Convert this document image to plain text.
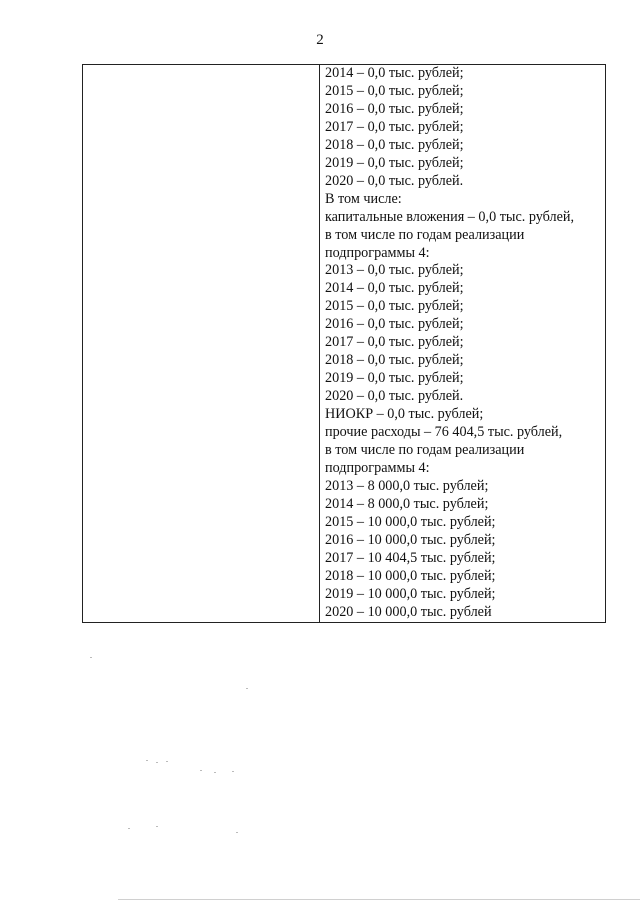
2

2014 – 0,0 тыс. рублей;
2015 – 0,0 тыс. рублей;
2016 – 0,0 тыс. рублей;
2017 – 0,0 тыс. рублей;
2018 – 0,0 тыс. рублей;
2019 – 0,0 тыс. рублей;
2020 – 0,0 тыс. рублей.
В том числе:
капитальные вложения – 0,0 тыс. рублей,
в том числе по годам реализации
подпрограммы 4:
2013 – 0,0 тыс. рублей;
2014 – 0,0 тыс. рублей;
2015 – 0,0 тыс. рублей;
2016 – 0,0 тыс. рублей;
2017 – 0,0 тыс. рублей;
2018 – 0,0 тыс. рублей;
2019 – 0,0 тыс. рублей;
2020 – 0,0 тыс. рублей.
НИОКР – 0,0 тыс. рублей;
прочие расходы – 76 404,5 тыс. рублей,
в том числе по годам реализации
подпрограммы 4:
2013 – 8 000,0 тыс. рублей;
2014 – 8 000,0 тыс. рублей;
2015 – 10 000,0 тыс. рублей;
2016 – 10 000,0 тыс. рублей;
2017 – 10 404,5 тыс. рублей;
2018 – 10 000,0 тыс. рублей;
2019 – 10 000,0 тыс. рублей;
2020 – 10 000,0 тыс. рублей
